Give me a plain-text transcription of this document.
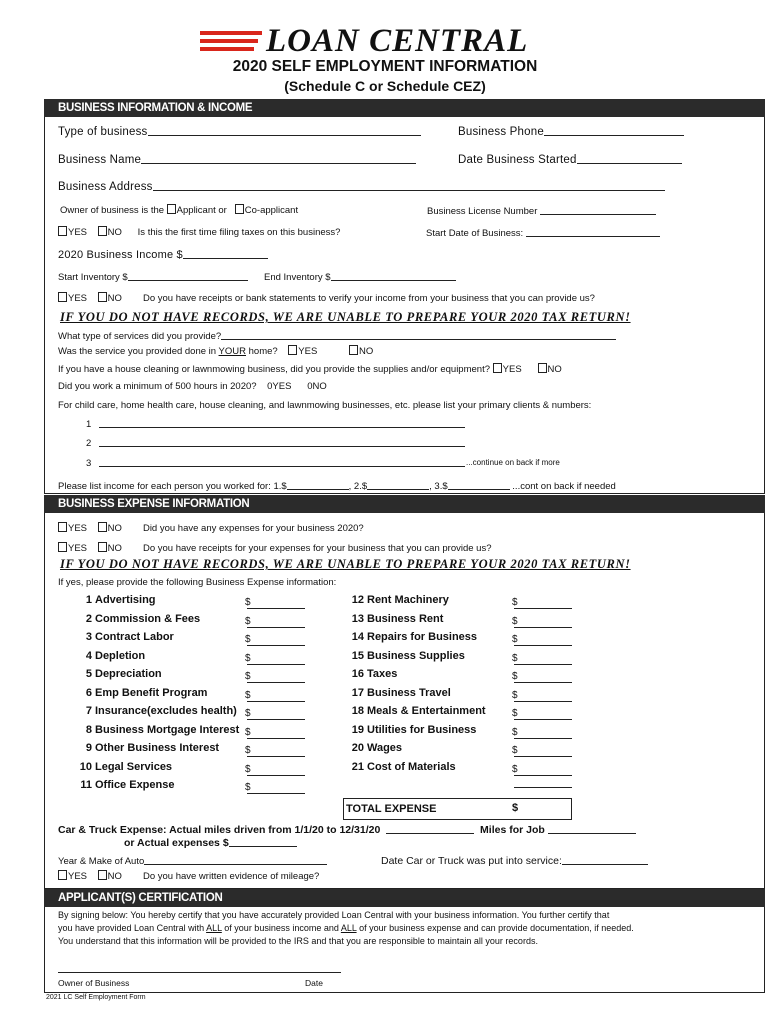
LOAN CENTRAL
2020 SELF EMPLOYMENT INFORMATION
(Schedule C or Schedule CEZ)
BUSINESS INFORMATION & INCOME
Type of business	Business Phone
Business Name	Date Business Started
Business Address
Owner of business is the Applicant or Co-applicant	Business License Number
YES NO Is this the first time filing taxes on this business?	Start Date of Business:
2020 Business Income $
Start Inventory $	End Inventory $
YES NO Do you have receipts or bank statements to verify your income from your business that you can provide us?
IF YOU DO NOT HAVE RECORDS, WE ARE UNABLE TO PREPARE YOUR 2020 TAX RETURN!
What type of services did you provide?
Was the service you provided done in YOUR home? YES	NO
If you have a house cleaning or lawnmowing business, did you provide the supplies and/or equipment? YES	NO
Did you work a minimum of 500 hours in 2020? 0YES 0NO
For child care, home health care, house cleaning, and lawnmowing businesses, etc. please list your primary clients & numbers:
1
2
3	...continue on back if more
Please list income for each person you worked for: 1.$	, 2.$	, 3.$	...cont on back if needed
BUSINESS EXPENSE INFORMATION
YES NO Did you have any expenses for your business 2020?
YES NO Do you have receipts for your expenses for your business that you can provide us?
IF YOU DO NOT HAVE RECORDS, WE ARE UNABLE TO PREPARE YOUR 2020 TAX RETURN!
If yes, please provide the following Business Expense information:
1 Advertising	$
2 Commission & Fees	$
3 Contract Labor	$
4 Depletion	$
5 Depreciation	$
6 Emp Benefit Program	$
7 Insurance(excludes health) $
8 Business Mortgage Interest $
9 Other Business Interest	$
10 Legal Services	$
11 Office Expense	$
12 Rent Machinery	$
13 Business Rent	$
14 Repairs for Business	$
15 Business Supplies	$
16 Taxes	$
17 Business Travel	$
18 Meals & Entertainment	$
19 Utilities for Business	$
20 Wages	$
21 Cost of Materials	$
TOTAL EXPENSE	$
Car & Truck Expense: Actual miles driven from 1/1/20 to 12/31/20	Miles for Job
or Actual expenses $
Year & Make of Auto	Date Car or Truck was put into service:
YES NO Do you have written evidence of mileage?
APPLICANT(S) CERTIFICATION
By signing below: You hereby certify that you have accurately provided Loan Central with your business information. You further certify that
you have provided Loan Central with ALL of your business income and ALL of your business expense and can provide documentation, if needed.
You understand that this information will be provided to the IRS and that you are responsible to maintain all your records.
Owner of Business	Date
2021 LC Self Employment Form
